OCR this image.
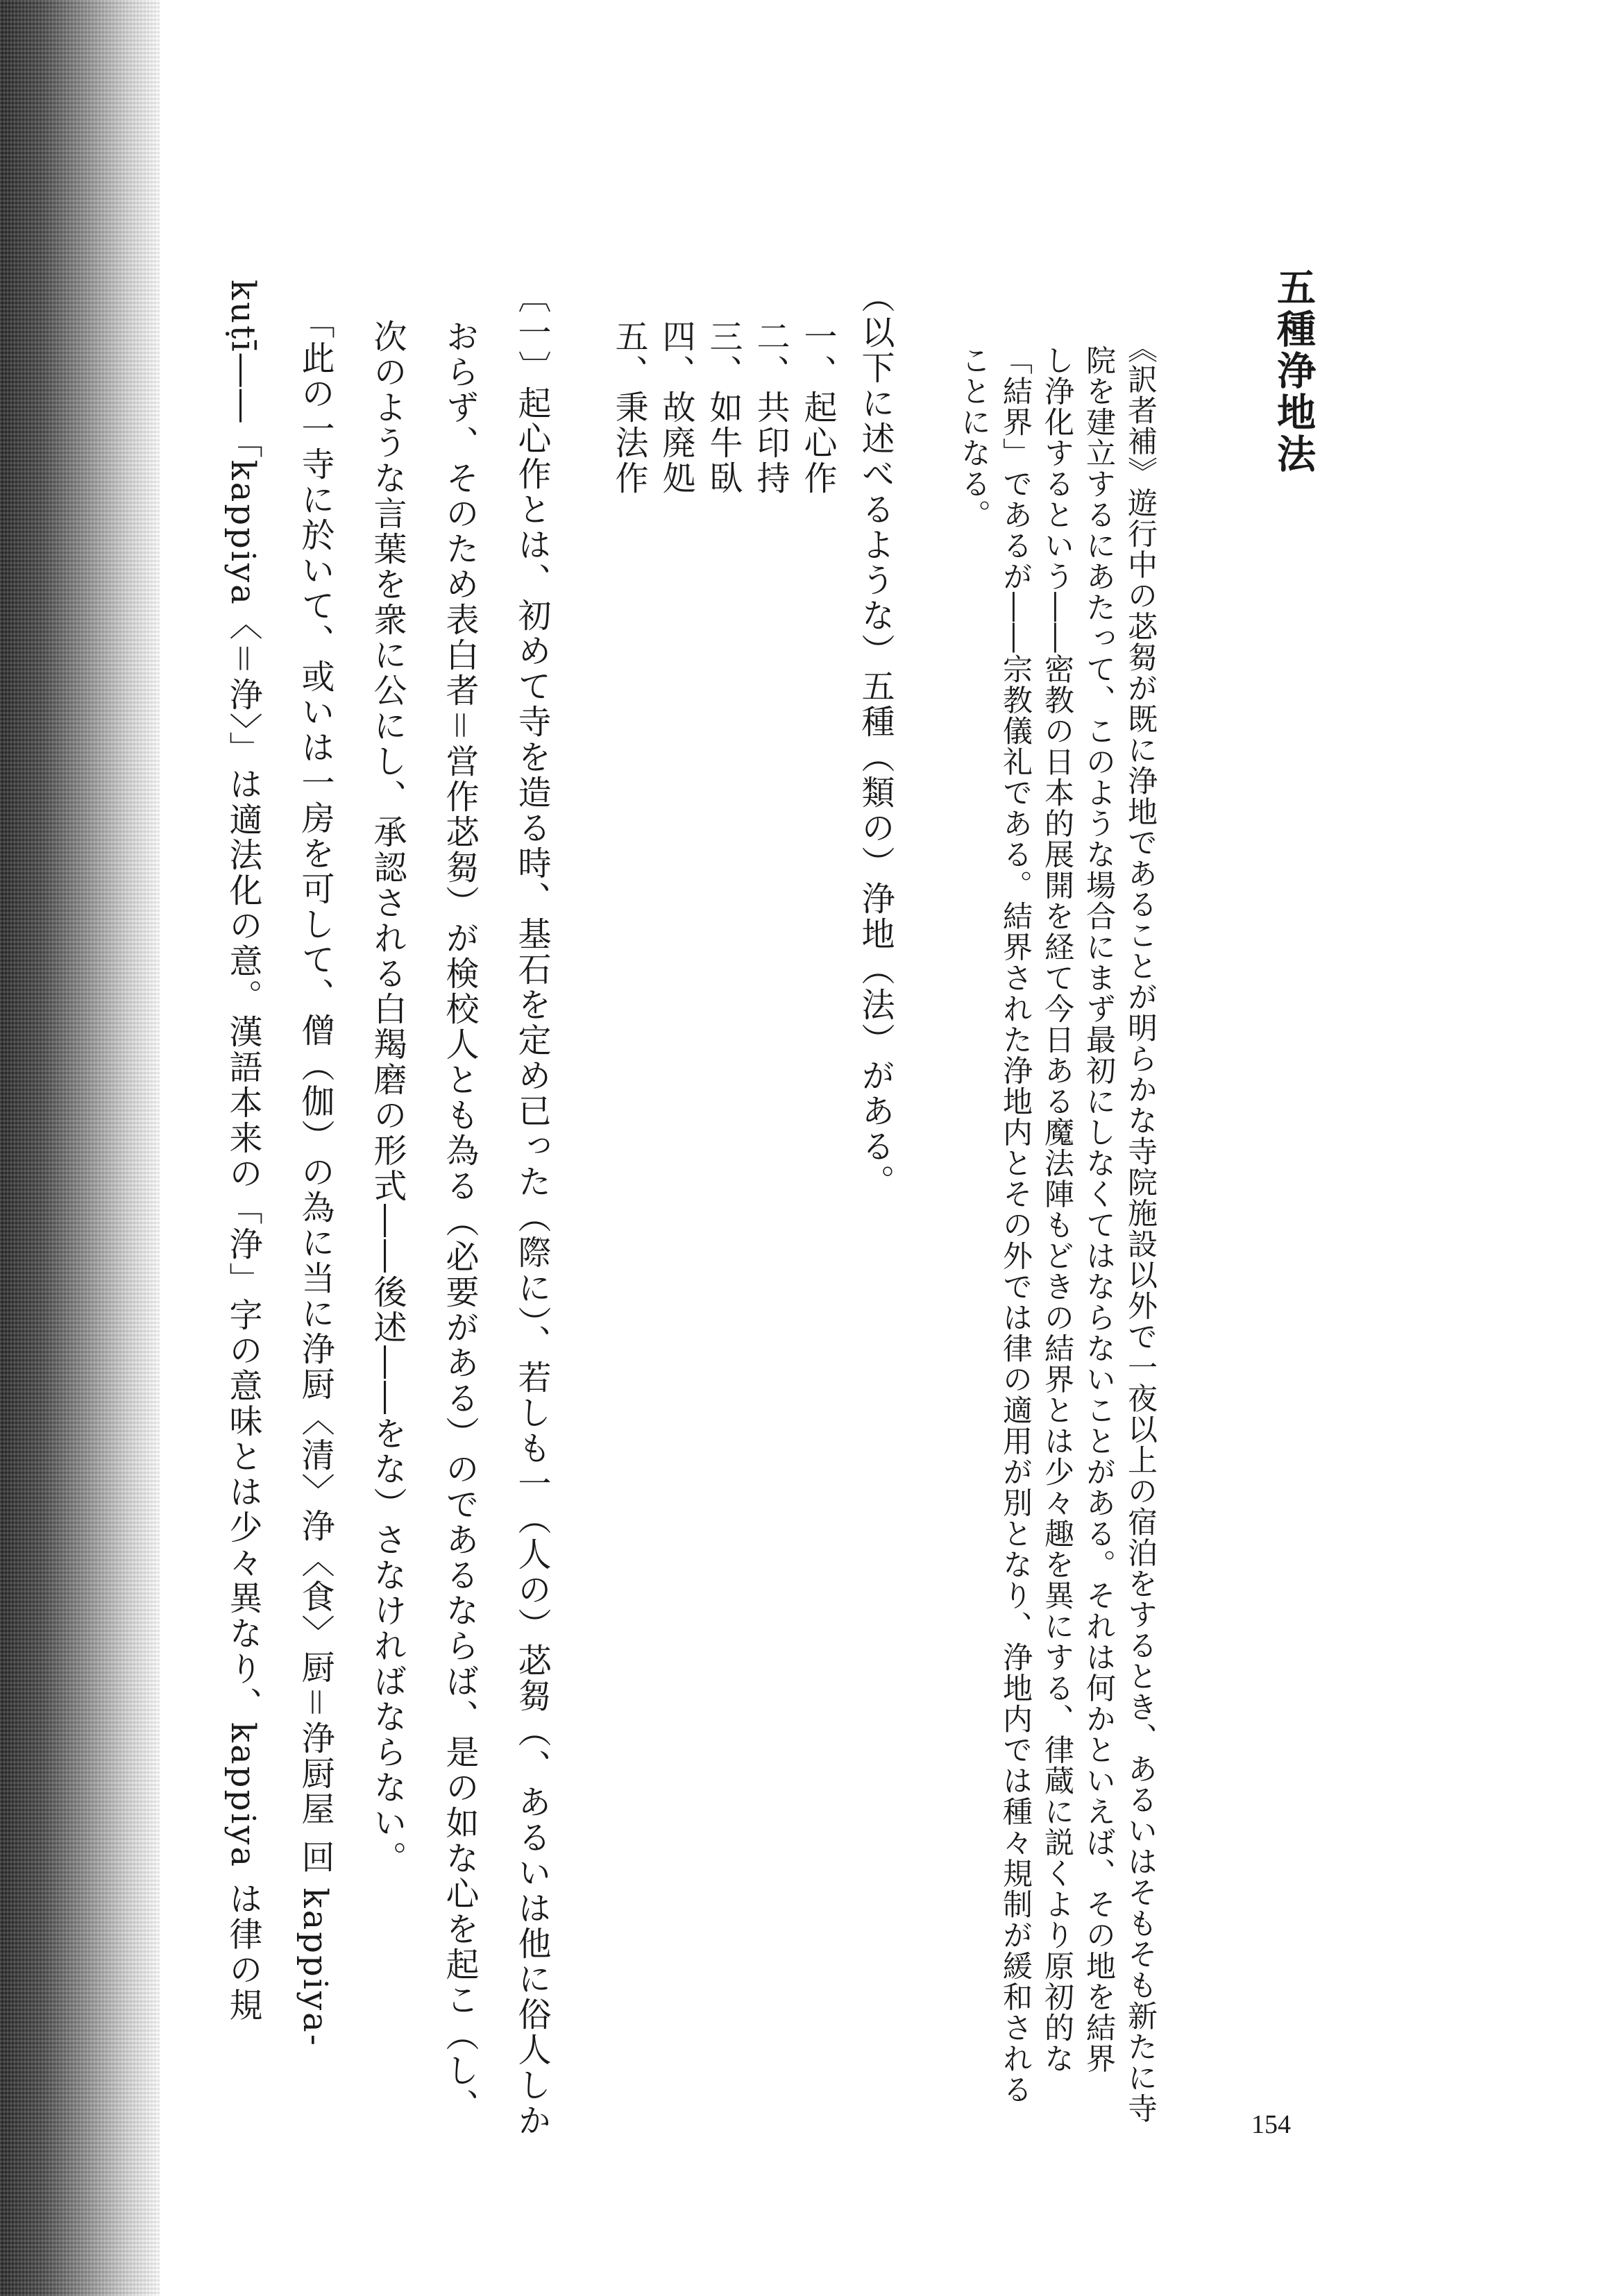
五種浄地法
《訳者補》遊行中の苾芻が既に浄地であることが明らかな寺院施設以外で一夜以上の宿泊をするとき、あるいはそもそも新たに寺
院を建立するにあたって、このような場合にまず最初にしなくてはならないことがある。それは何かといえば、その地を結界
し浄化するという――密教の日本的展開を経て今日ある魔法陣もどきの結界とは少々趣を異にする、律蔵に説くより原初的な
「結界」であるが――宗教儀礼である。結界された浄地内とその外では律の適用が別となり、浄地内では種々規制が緩和される
ことになる。
（以下に述べるような）五種（類の）浄地（法）がある。
一、起心作
二、共印持
三、如牛臥
四、故廃処
五、秉法作
〔一〕起心作とは、初めて寺を造る時、基石を定め已った（際に）、若しも一（人の）苾芻（、あるいは他に俗人しか
おらず、そのため表白者＝営作苾芻）が検校人とも為る（必要がある）のであるならば、是の如な心を起こ（し、
次のような言葉を衆に公にし、承認される白羯磨の形式――後述――をな）さなければならない。
「此の一寺に於いて、或いは一房を可して、僧（伽）の為に当に浄厨〈清〉浄〈食〉厨＝浄厨屋 回 kappiya-
kuṭī――「kappiya〈＝浄〉」は適法化の意。漢語本来の「浄」字の意味とは少々異なり、kappiya は律の規
154
